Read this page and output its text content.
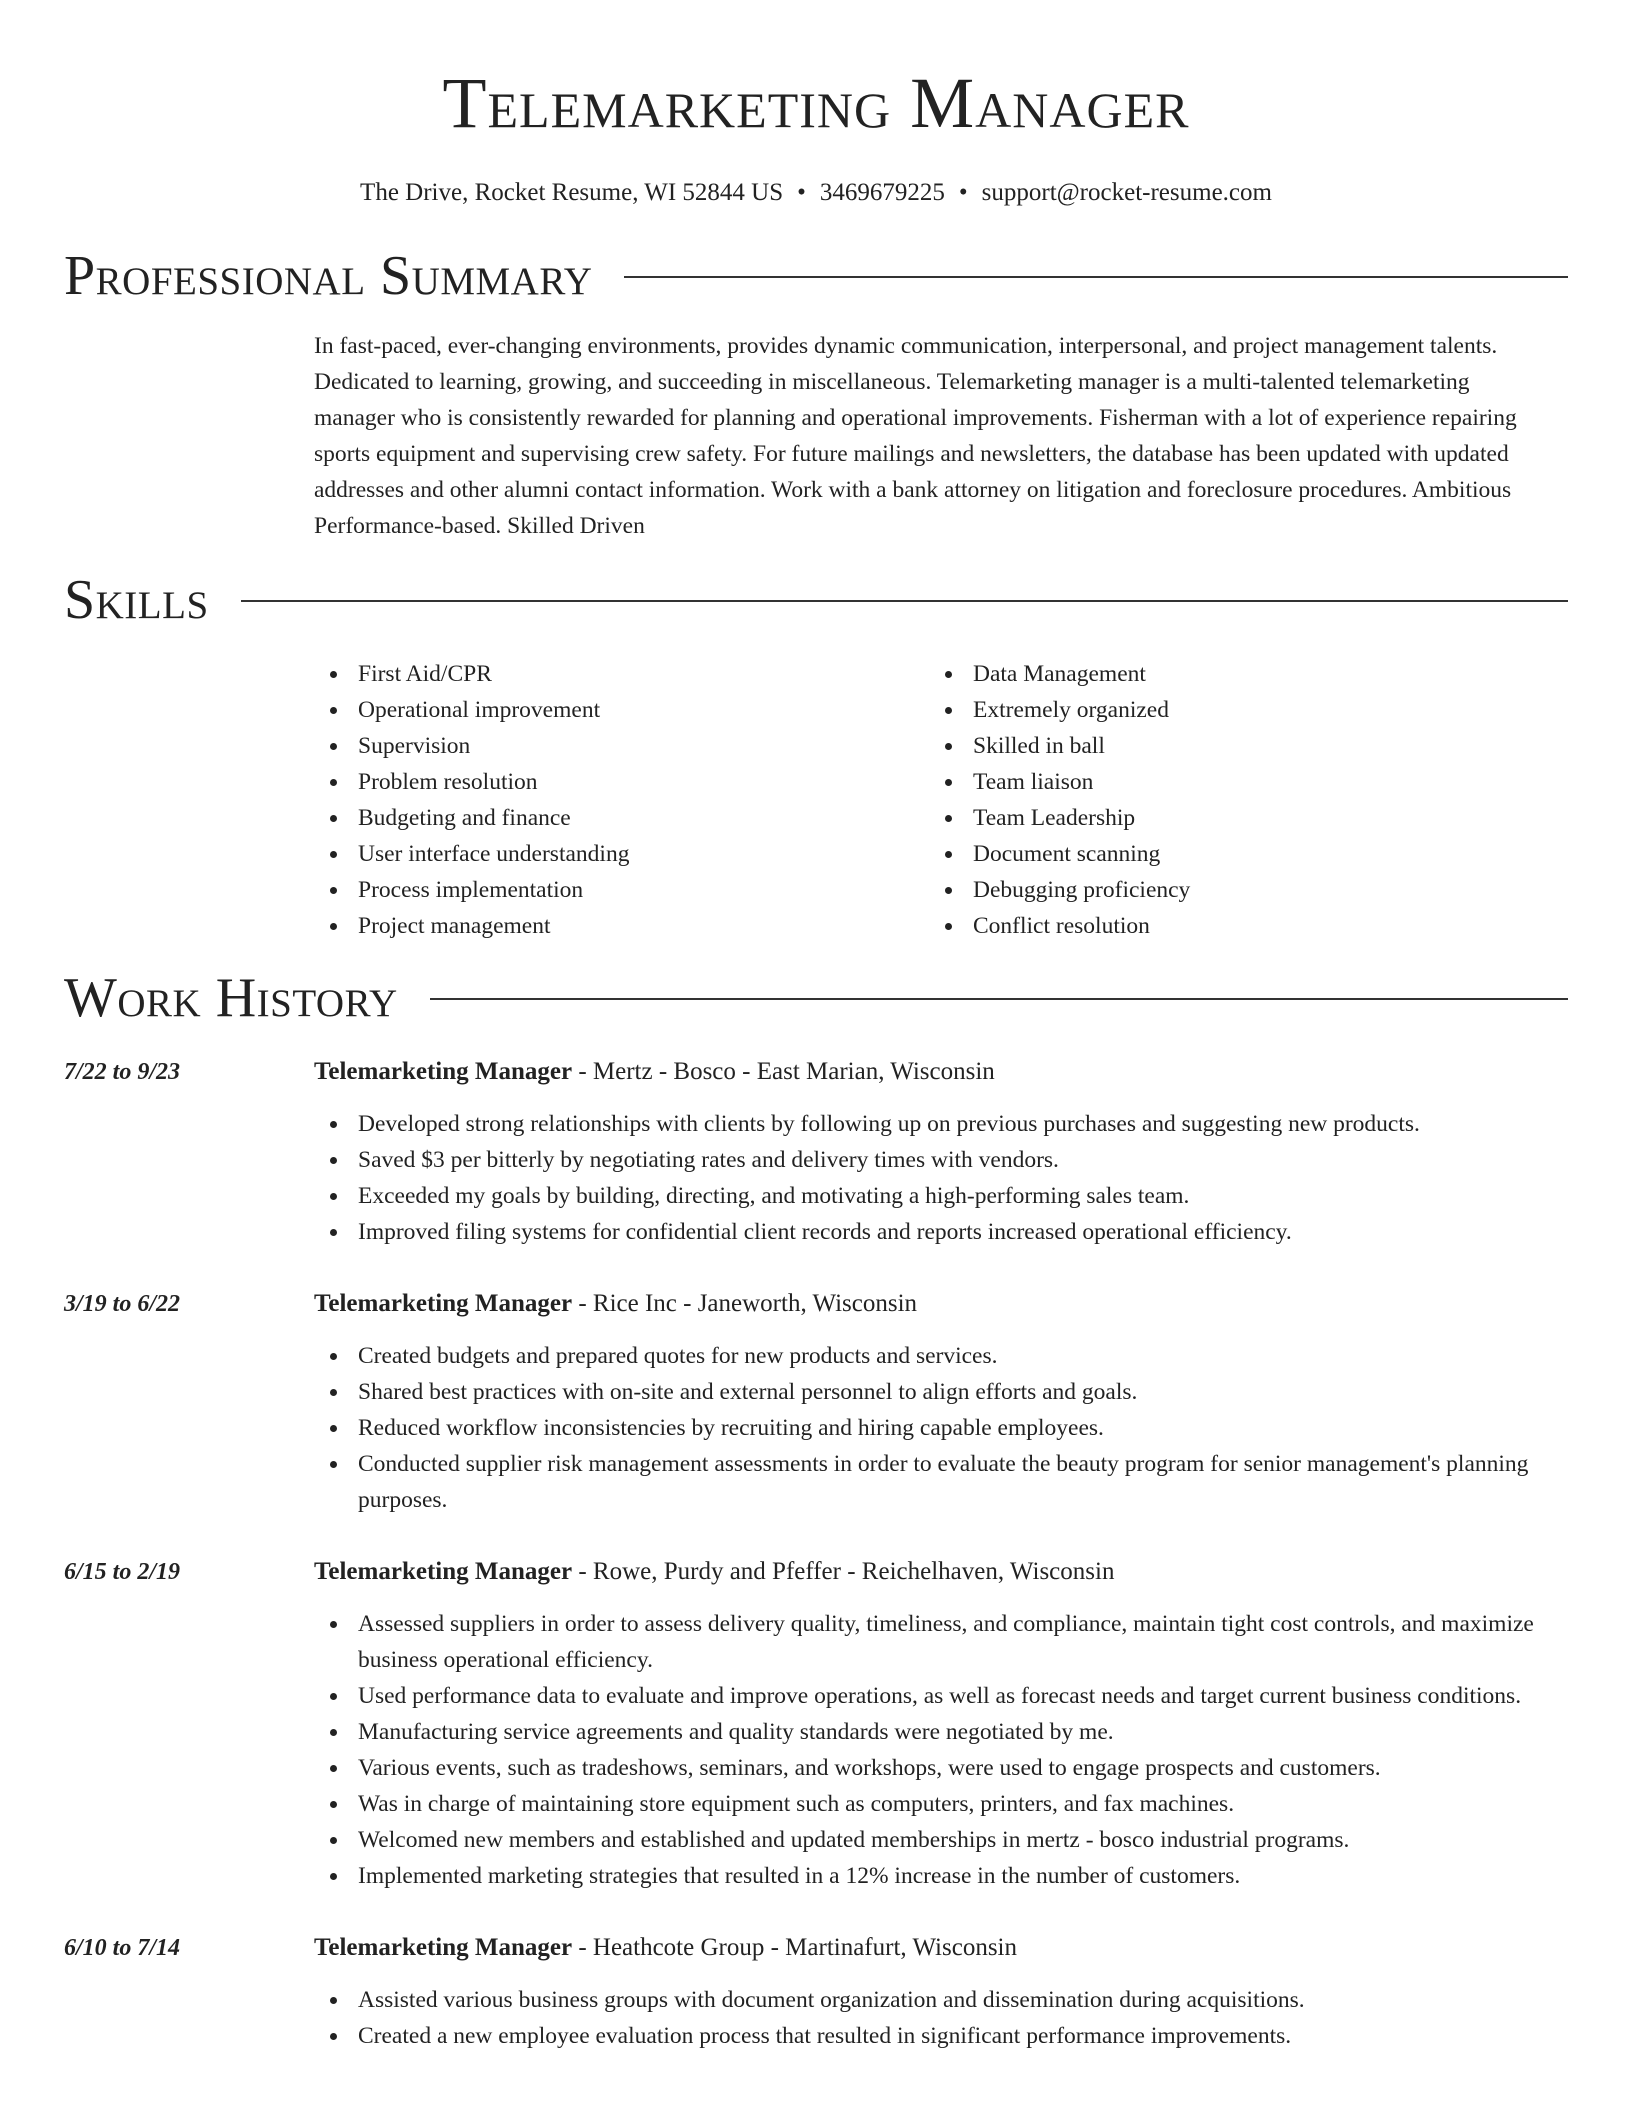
Telemarketing Manager
The Drive, Rocket Resume, WI 52844 US • 3469679225 • support@rocket-resume.com
Professional Summary

In fast-paced, ever-changing environments, provides dynamic communication, interpersonal, and project management talents. Dedicated to learning, growing, and succeeding in miscellaneous. Telemarketing manager is a multi-talented telemarketing manager who is consistently rewarded for planning and operational improvements. Fisherman with a lot of experience repairing sports equipment and supervising crew safety. For future mailings and newsletters, the database has been updated with updated addresses and other alumni contact information. Work with a bank attorney on litigation and foreclosure procedures. Ambitious Performance-based. Skilled Driven

Skills
First Aid/CPR
Operational improvement
Supervision
Problem resolution
Budgeting and finance
User interface understanding
Process implementation
Project management
Data Management
Extremely organized
Skilled in ball
Team liaison
Team Leadership
Document scanning
Debugging proficiency
Conflict resolution
Work History
7/22 to 9/23	Telemarketing Manager - Mertz - Bosco - East Marian, Wisconsin
Developed strong relationships with clients by following up on previous purchases and suggesting new products.
Saved $3 per bitterly by negotiating rates and delivery times with vendors.
Exceeded my goals by building, directing, and motivating a high-performing sales team.
Improved filing systems for confidential client records and reports increased operational efficiency.
3/19 to 6/22	Telemarketing Manager - Rice Inc - Janeworth, Wisconsin
Created budgets and prepared quotes for new products and services.
Shared best practices with on-site and external personnel to align efforts and goals.
Reduced workflow inconsistencies by recruiting and hiring capable employees.
Conducted supplier risk management assessments in order to evaluate the beauty program for senior management's planning purposes.
6/15 to 2/19	Telemarketing Manager - Rowe, Purdy and Pfeffer - Reichelhaven, Wisconsin
Assessed suppliers in order to assess delivery quality, timeliness, and compliance, maintain tight cost controls, and maximize business operational efficiency.
Used performance data to evaluate and improve operations, as well as forecast needs and target current business conditions.
Manufacturing service agreements and quality standards were negotiated by me.
Various events, such as tradeshows, seminars, and workshops, were used to engage prospects and customers.
Was in charge of maintaining store equipment such as computers, printers, and fax machines.
Welcomed new members and established and updated memberships in mertz - bosco industrial programs.
Implemented marketing strategies that resulted in a 12% increase in the number of customers.
6/10 to 7/14	Telemarketing Manager - Heathcote Group - Martinafurt, Wisconsin
Assisted various business groups with document organization and dissemination during acquisitions.
Created a new employee evaluation process that resulted in significant performance improvements.
